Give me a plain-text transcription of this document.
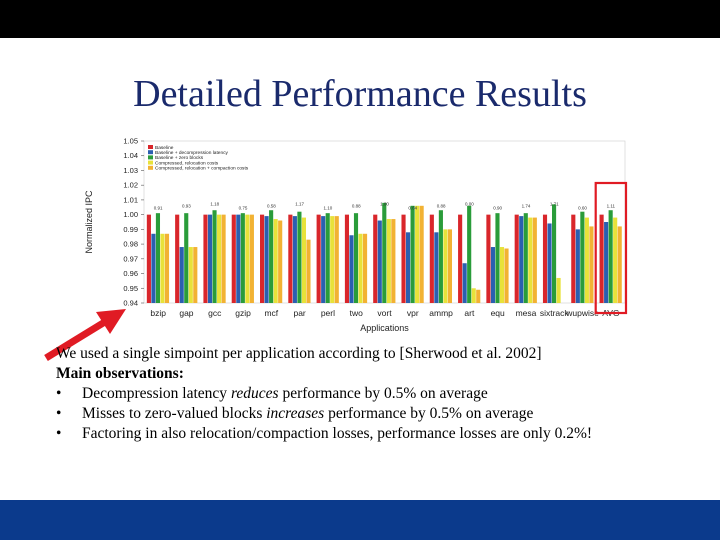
Detailed Performance Results
0.94
0.95
0.96
0.97
0.98
0.99
1.00
1.01
1.02
1.03
1.04
1.05
Normalized IPC	0.91
bzip
0.93
gap
1.18
gcc
0.75
gzip
0.58
mcf
1.17
par
1.10
perl
0.88
two
1.00
vort
0.64
vpr
0.88
ammp
0.00
art
0.90
equ
1.74
mesa
1.71
sixtrack
0.60
wupwise
1.11
AVG
Applications
Baseline
Baseline + decompression latency
Baseline + zero blocks
Compressed, relocation costs
Compressed, relocation + compaction costs
We used a single simpoint per application according to [Sherwood et al. 2002]
Main observations:
• Decompression latency reduces performance by 0.5% on average
• Misses to zero-valued blocks increases performance by 0.5% on average
• Factoring in also relocation/compaction losses, performance losses are only 0.2%!
